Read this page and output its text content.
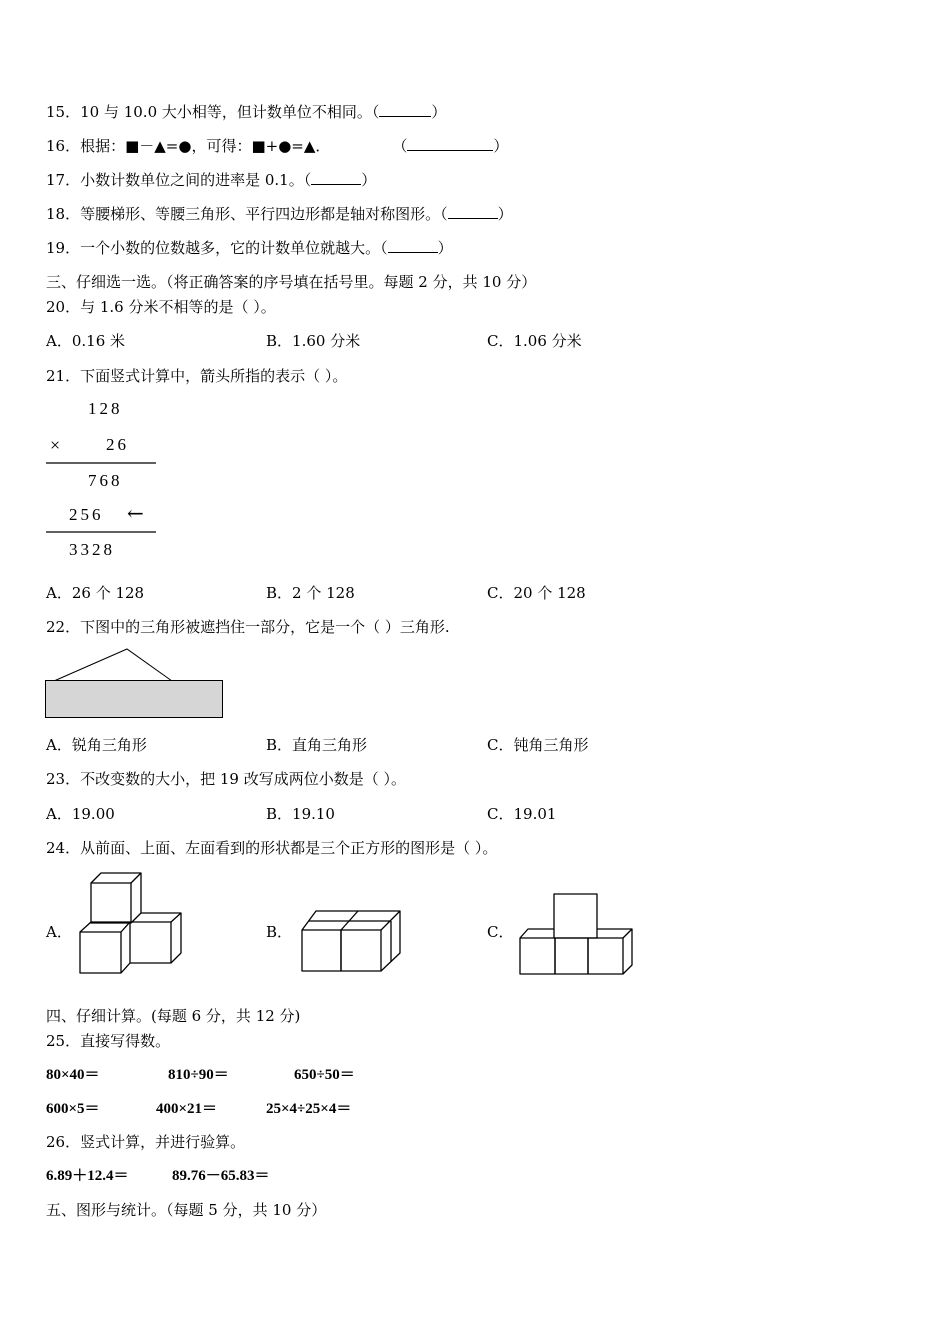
15．10 与 10.0 大小相等，但计数单位不相同。（	）
16．根据：■－▲=●，可得：■+●=▲．	（	）
17．小数计数单位之间的进率是 0.1。（	）
18．等腰梯形、等腰三角形、平行四边形都是轴对称图形。（	）
19．一个小数的位数越多，它的计数单位就越大。（	）
三、仔细选一选。（将正确答案的序号填在括号里。每题 2 分，共 10 分）
20．与 1.6 分米不相等的是（ ）。
A．0.16 米	B．1.60 分米	C．1.06 分米
21．下面竖式计算中，箭头所指的表示（ ）。
128
×	26
768
256 ←
3328
A．26 个 128	B．2 个 128	C．20 个 128
22．下图中的三角形被遮挡住一部分，它是一个（ ）三角形.
A．锐角三角形	B．直角三角形	C．钝角三角形
23．不改变数的大小，把 19 改写成两位小数是（ ）。
A．19.00	B．19.10	C．19.01
24．从前面、上面、左面看到的形状都是三个正方形的图形是（ ）。
A．	B．	C．
四、仔细计算。(每题 6 分，共 12 分)
25．直接写得数。
80×40＝	810÷90＝	650÷50＝
600×5＝	400×21＝	25×4÷25×4＝
26．竖式计算，并进行验算。
6.89＋12.4＝	89.76－65.83＝
五、图形与统计。（每题 5 分，共 10 分）
